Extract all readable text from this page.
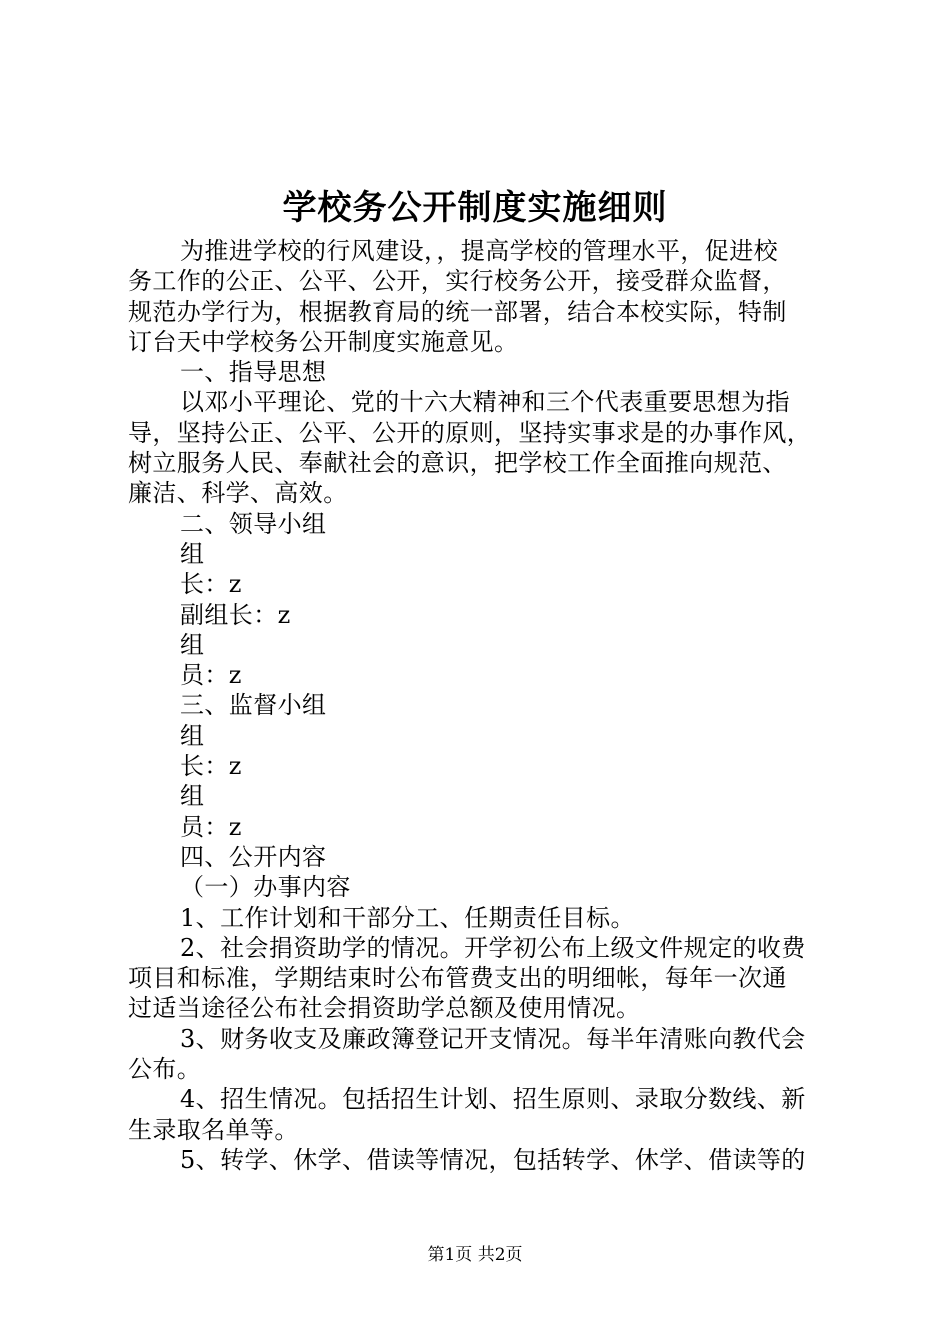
学校务公开制度实施细则

为推进学校的行风建设，，提高学校的管理水平，促进校

务工作的公正、公平、公开，实行校务公开，接受群众监督，

规范办学行为，根据教育局的统一部署，结合本校实际，特制

订台天中学校务公开制度实施意见。

一、指导思想

以邓小平理论、党的十六大精神和三个代表重要思想为指

导，坚持公正、公平、公开的原则，坚持实事求是的办事作风，

树立服务人民、奉献社会的意识，把学校工作全面推向规范、

廉洁、科学、高效。

二、领导小组

组

长：z

副组长：z

组

员：z

三、监督小组

组

长：z

组

员：z

四、公开内容

（一）办事内容

1、工作计划和干部分工、任期责任目标。

2、社会捐资助学的情况。开学初公布上级文件规定的收费

项目和标准，学期结束时公布管费支出的明细帐，每年一次通

过适当途径公布社会捐资助学总额及使用情况。

3、财务收支及廉政簿登记开支情况。每半年清账向教代会

公布。

4、招生情况。包括招生计划、招生原则、录取分数线、新

生录取名单等。

5、转学、休学、借读等情况，包括转学、休学、借读等的

第1页 共2页
